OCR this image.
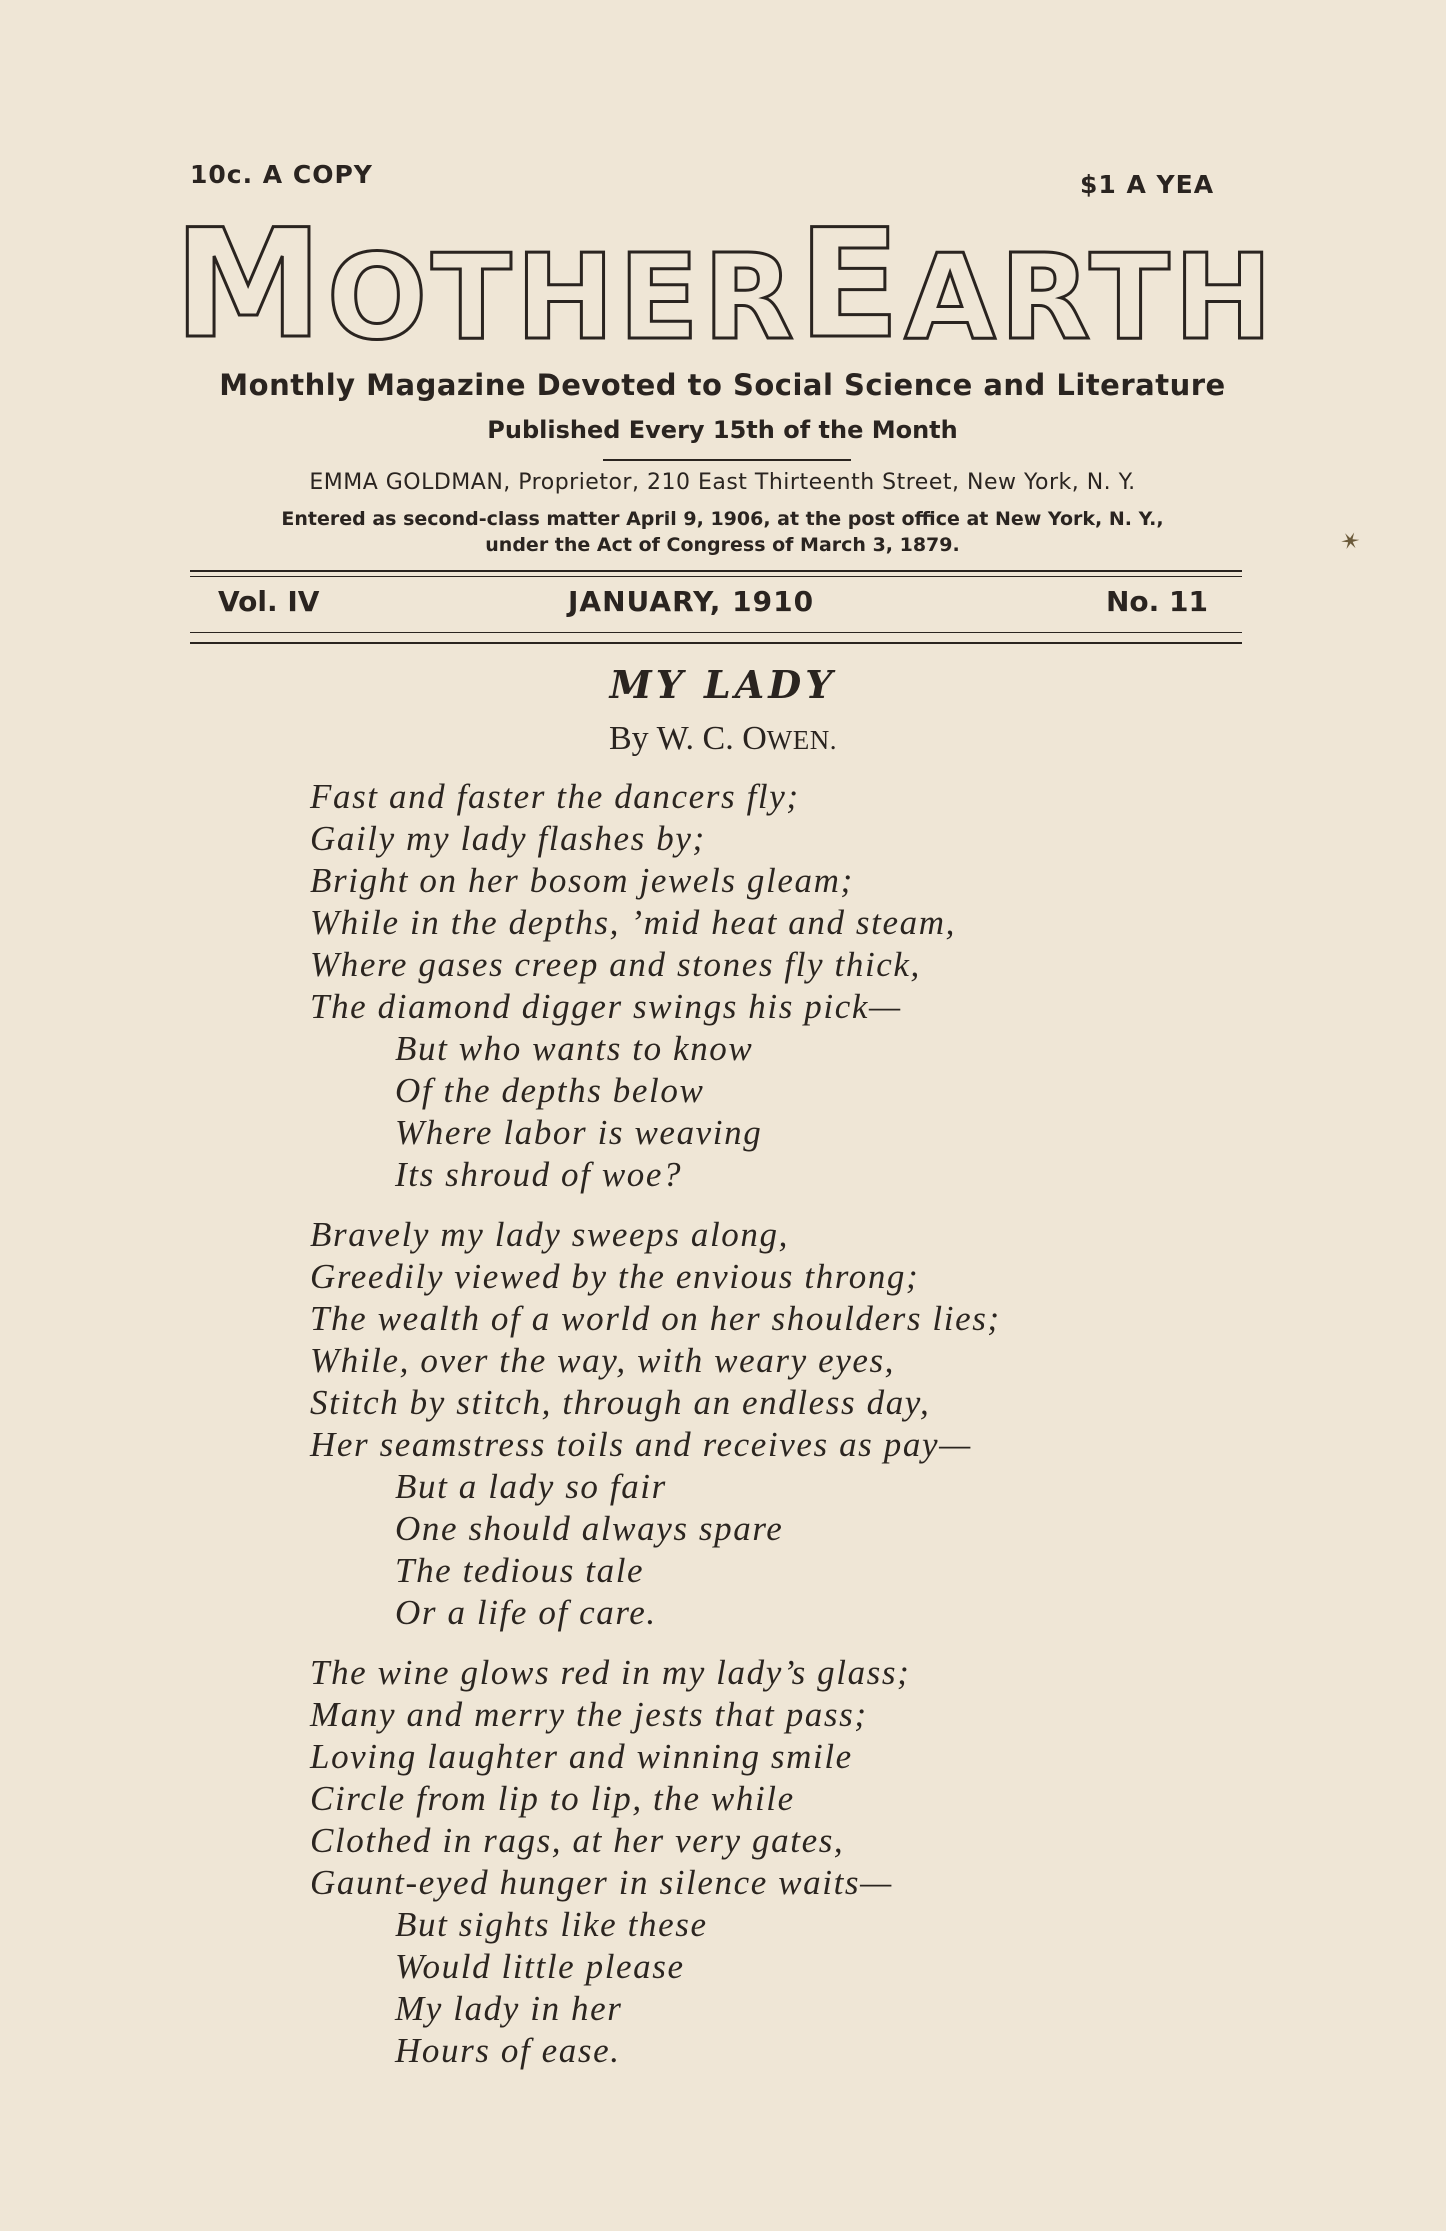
10c. A COPY	$1 A YEA
M OTHER E ARTH
Monthly Magazine Devoted to Social Science and Literature
Published Every 15th of the Month
EMMA GOLDMAN, Proprietor, 210 East Thirteenth Street, New York, N. Y.
Entered as second-class matter April 9, 1906, at the post office at New York, N. Y.,
under the Act of Congress of March 3, 1879.
Vol. IV	JANUARY, 1910	No. 11
MY LADY
By W. C. OWEN.
Fast and faster the dancers fly;
Gaily my lady flashes by;
Bright on her bosom jewels gleam;
While in the depths, ’mid heat and steam,
Where gases creep and stones fly thick,
The diamond digger swings his pick—
But who wants to know
Of the depths below
Where labor is weaving
Its shroud of woe?
Bravely my lady sweeps along,
Greedily viewed by the envious throng;
The wealth of a world on her shoulders lies;
While, over the way, with weary eyes,
Stitch by stitch, through an endless day,
Her seamstress toils and receives as pay—
But a lady so fair
One should always spare
The tedious tale
Or a life of care.
The wine glows red in my lady’s glass;
Many and merry the jests that pass;
Loving laughter and winning smile
Circle from lip to lip, the while
Clothed in rags, at her very gates,
Gaunt-eyed hunger in silence waits—
But sights like these
Would little please
My lady in her
Hours of ease.
✶
